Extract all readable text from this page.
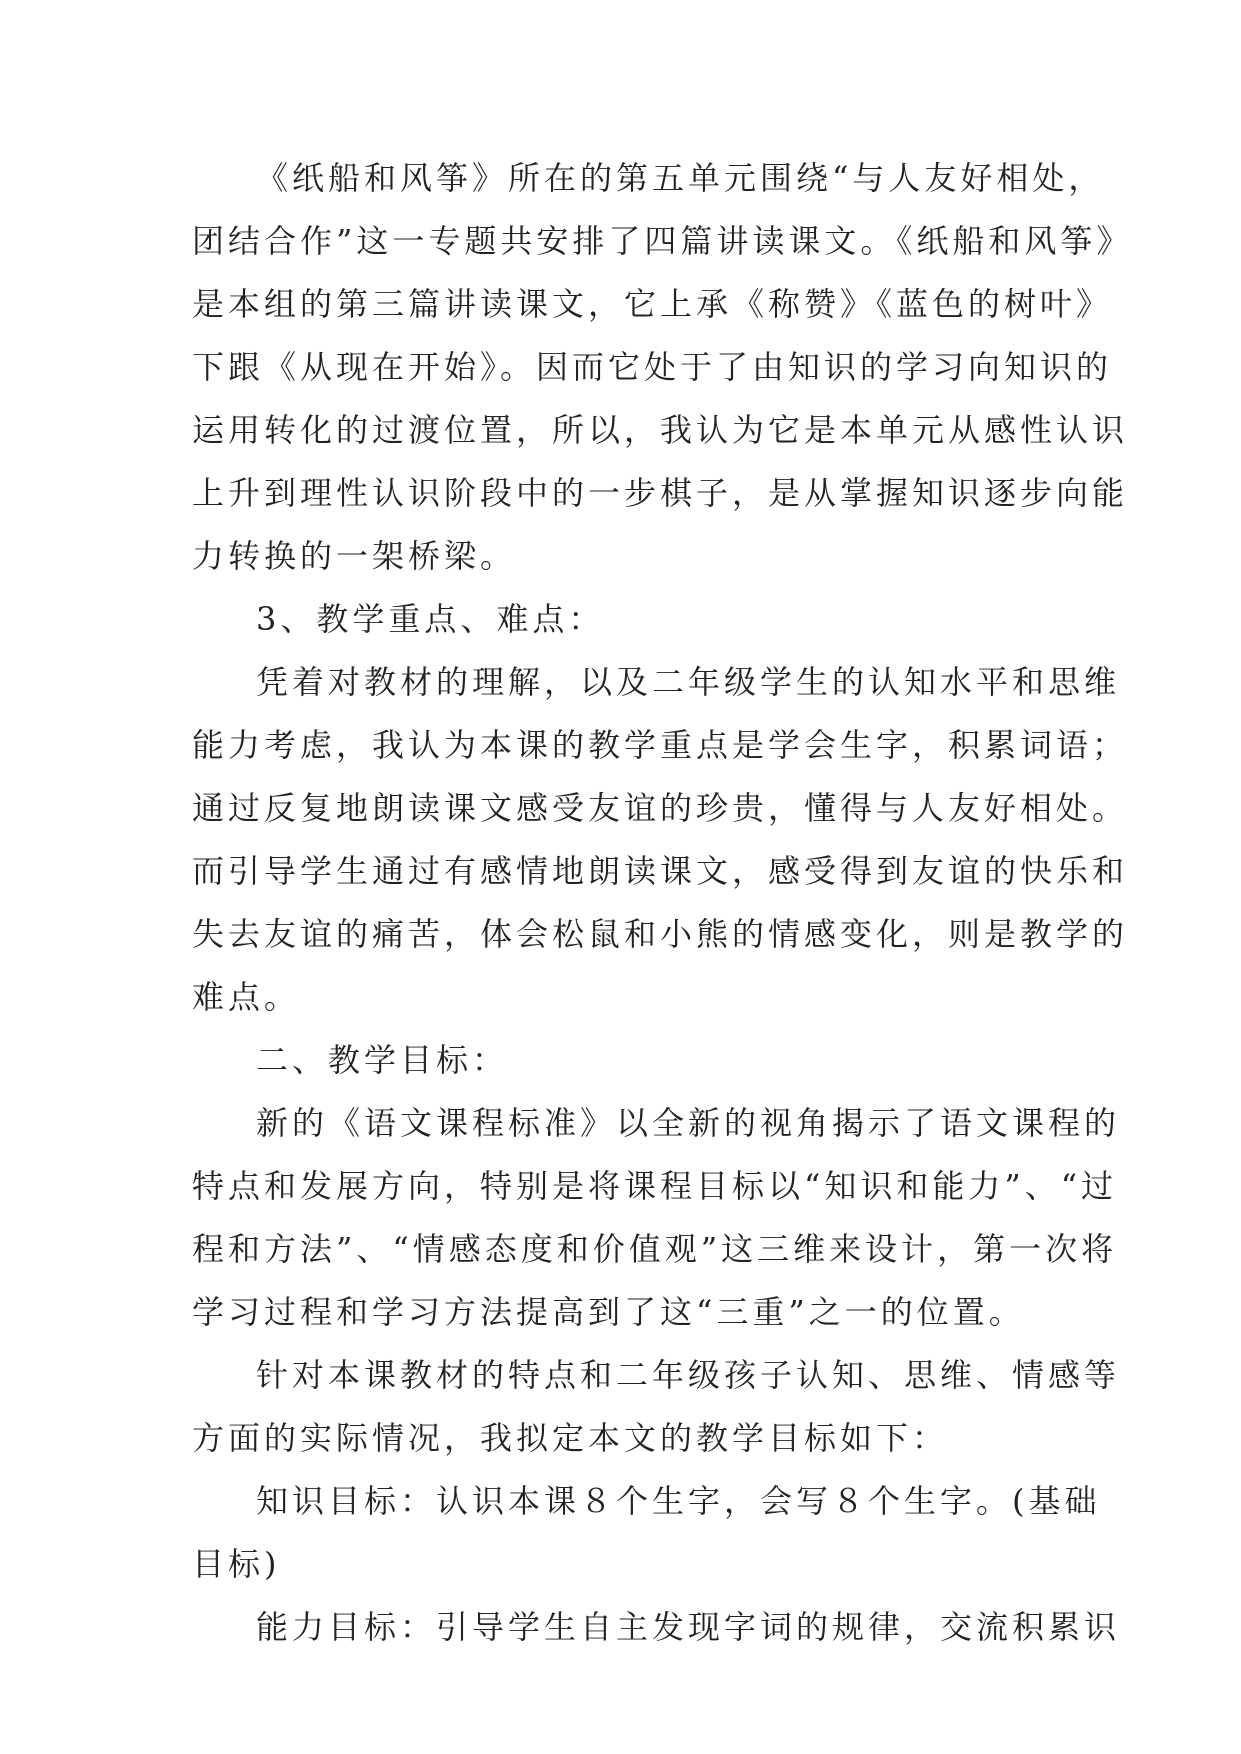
《纸船和风筝》所在的第五单元围绕“与人友好相处，
团结合作”这一专题共安排了四篇讲读课文。《纸船和风筝》
是本组的第三篇讲读课文，它上承《称赞》《蓝色的树叶》
下跟《从现在开始》。因而它处于了由知识的学习向知识的
运用转化的过渡位置，所以，我认为它是本单元从感性认识
上升到理性认识阶段中的一步棋子，是从掌握知识逐步向能
力转换的一架桥梁。
3、教学重点、难点：
凭着对教材的理解，以及二年级学生的认知水平和思维
能力考虑，我认为本课的教学重点是学会生字，积累词语；
通过反复地朗读课文感受友谊的珍贵，懂得与人友好相处。
而引导学生通过有感情地朗读课文，感受得到友谊的快乐和
失去友谊的痛苦，体会松鼠和小熊的情感变化，则是教学的
难点。
二、教学目标：
新的《语文课程标准》以全新的视角揭示了语文课程的
特点和发展方向，特别是将课程目标以“知识和能力”、“过
程和方法”、“情感态度和价值观”这三维来设计，第一次将
学习过程和学习方法提高到了这“三重”之一的位置。
针对本课教材的特点和二年级孩子认知、思维、情感等
方面的实际情况，我拟定本文的教学目标如下：
知识目标：认识本课８个生字，会写８个生字。(基础
目标)
能力目标：引导学生自主发现字词的规律，交流积累识
